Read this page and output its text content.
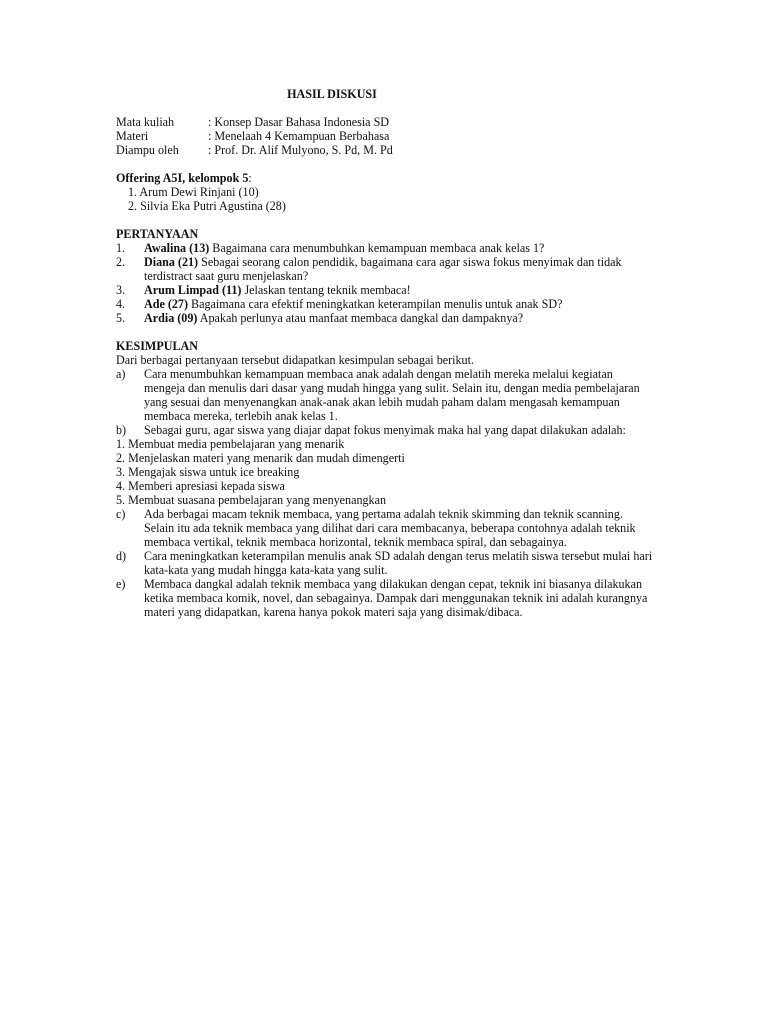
HASIL DISKUSI
Mata kuliah	: Konsep Dasar Bahasa Indonesia SD
Materi	: Menelaah 4 Kemampuan Berbahasa
Diampu oleh	: Prof. Dr. Alif Mulyono, S. Pd, M. Pd
Offering A5I, kelompok 5:
1. Arum Dewi Rinjani (10)
2. Silvia Eka Putri Agustina (28)
PERTANYAAN
1.	Awalina (13) Bagaimana cara menumbuhkan kemampuan membaca anak kelas 1?
2.	Diana (21) Sebagai seorang calon pendidik, bagaimana cara agar siswa fokus menyimak dan tidak terdistract saat guru menjelaskan?
3.	Arum Limpad (11) Jelaskan tentang teknik membaca!
4.	Ade (27) Bagaimana cara efektif meningkatkan keterampilan menulis untuk anak SD?
5.	Ardia (09) Apakah perlunya atau manfaat membaca dangkal dan dampaknya?
KESIMPULAN
Dari berbagai pertanyaan tersebut didapatkan kesimpulan sebagai berikut.
a)	Cara menumbuhkan kemampuan membaca anak adalah dengan melatih mereka melalui kegiatan mengeja dan menulis dari dasar yang mudah hingga yang sulit. Selain itu, dengan media pembelajaran yang sesuai dan menyenangkan anak-anak akan lebih mudah paham dalam mengasah kemampuan membaca mereka, terlebih anak kelas 1.
b)	Sebagai guru, agar siswa yang diajar dapat fokus menyimak maka hal yang dapat dilakukan adalah:
1. Membuat media pembelajaran yang menarik
2. Menjelaskan materi yang menarik dan mudah dimengerti
3. Mengajak siswa untuk ice breaking
4. Memberi apresiasi kepada siswa
5. Membuat suasana pembelajaran yang menyenangkan
c)	Ada berbagai macam teknik membaca, yang pertama adalah teknik skimming dan teknik scanning. Selain itu ada teknik membaca yang dilihat dari cara membacanya, beberapa contohnya adalah teknik membaca vertikal, teknik membaca horizontal, teknik membaca spiral, dan sebagainya.
d)	Cara meningkatkan keterampilan menulis anak SD adalah dengan terus melatih siswa tersebut mulai hari kata-kata yang mudah hingga kata-kata yang sulit.
e)	Membaca dangkal adalah teknik membaca yang dilakukan dengan cepat, teknik ini biasanya dilakukan ketika membaca komik, novel, dan sebagainya. Dampak dari menggunakan teknik ini adalah kurangnya materi yang didapatkan, karena hanya pokok materi saja yang disimak/dibaca.
